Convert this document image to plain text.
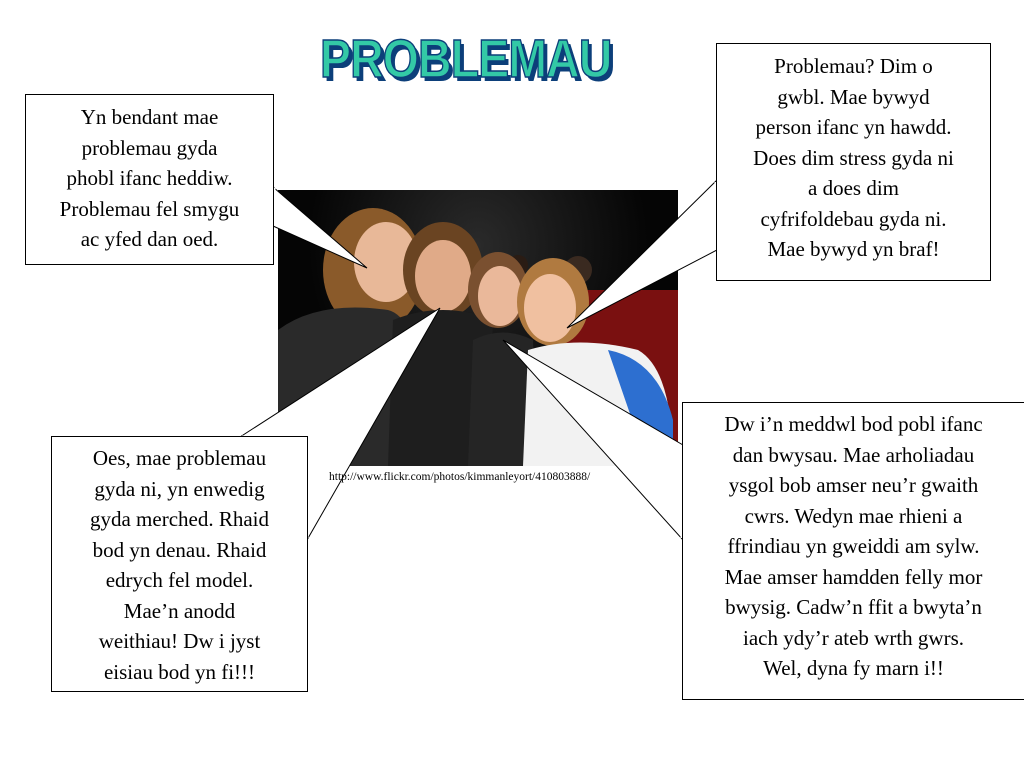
PROBLEMAU
Yn bendant mae
problemau gyda
phobl ifanc heddiw.
Problemau fel smygu
ac yfed dan oed.
Problemau? Dim o
gwbl. Mae bywyd
person ifanc yn hawdd.
Does dim stress gyda ni
a does dim
cyfrifoldebau gyda ni.
Mae bywyd yn braf!
Oes, mae problemau
gyda ni, yn enwedig
gyda merched. Rhaid
bod yn denau. Rhaid
edrych fel model.
Mae’n anodd
weithiau! Dw i jyst
eisiau bod yn fi!!!
Dw i’n meddwl bod pobl ifanc
dan bwysau. Mae arholiadau
ysgol bob amser neu’r gwaith
cwrs. Wedyn mae rhieni a
ffrindiau yn gweiddi am sylw.
Mae amser hamdden felly mor
bwysig. Cadw’n ffit a bwyta’n
iach ydy’r ateb wrth gwrs.
Wel, dyna fy marn i!!
http://www.flickr.com/photos/kimmanleyort/410803888/
